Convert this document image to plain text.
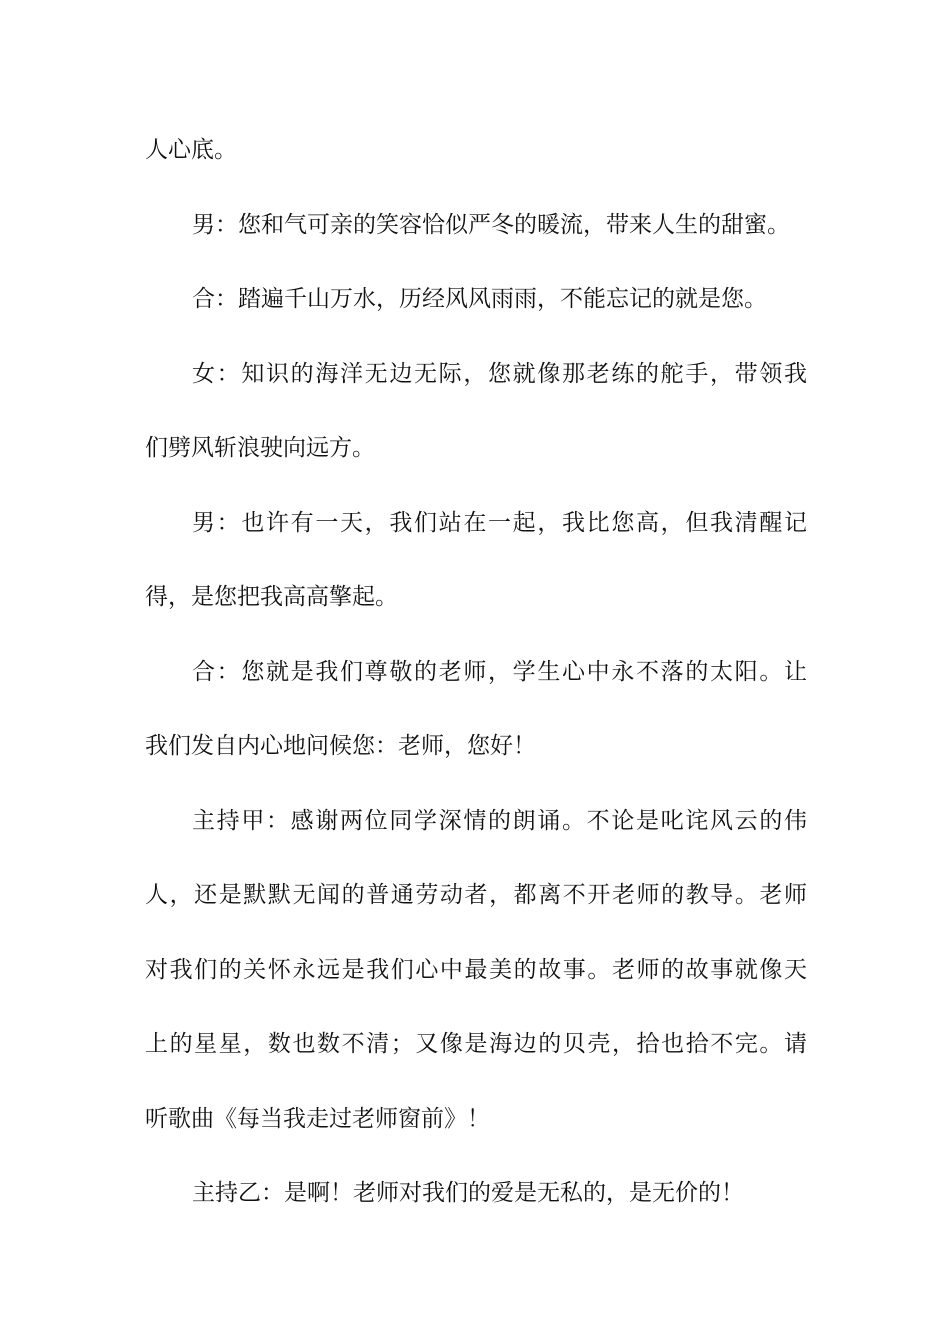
人心底。
男：您和气可亲的笑容恰似严冬的暖流，带来人生的甜蜜。
合：踏遍千山万水，历经风风雨雨，不能忘记的就是您。
女：知识的海洋无边无际，您就像那老练的舵手，带领我
们劈风斩浪驶向远方。
男：也许有一天，我们站在一起，我比您高，但我清醒记
得，是您把我高高擎起。
合：您就是我们尊敬的老师，学生心中永不落的太阳。让
我们发自内心地问候您：老师，您好！
主持甲：感谢两位同学深情的朗诵。不论是叱诧风云的伟
人，还是默默无闻的普通劳动者，都离不开老师的教导。老师
对我们的关怀永远是我们心中最美的故事。老师的故事就像天
上的星星，数也数不清；又像是海边的贝壳，拾也拾不完。请
听歌曲《每当我走过老师窗前》！
主持乙：是啊！老师对我们的爱是无私的，是无价的！
